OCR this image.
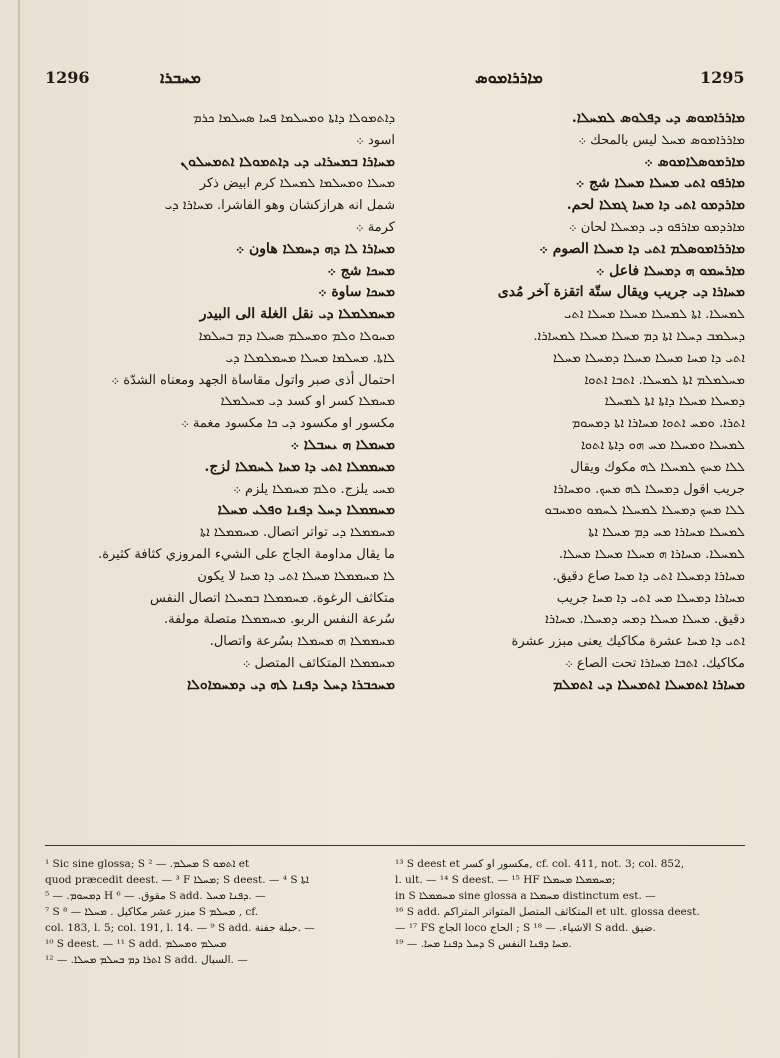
1296	ܡܚܒܪܐ	ܡܐܪܪܐܡܘܣ	1295
ܕܐܬܡܘܠܐ ܕܐܬܐ ܘܡܚܠܡܐ ܦܚܐ ܣܚܠܡܐ ܟܪܡ
اسود ܀
ܡܚܐܪܐ ܒܡܚܪܐܝ ܕܝ ܕܐܬܡܘܠܐ ܐܬܡܚܠܘܢ
ܡܚܠܐ ܘܡܚܠܡܐ ܠܡܚܠܐ كرم ابيض ذكر
شمل انه هرازكشان وهو الفاشرا. ܡܚܐܪܐ ܕܝ
كرمة ܀
ܡܚܐܪܐ ܠܐ ܕܗ ܕܚܡܠܐ هاون ܀
ܡܚܟܐ شج ܀
ܡܚܟܐ ساوة ܀
ܡܚܡܠܡܠܐ ܕܝ نقل الغلة الى البيدر
ܡܚܘܠܐ ܘܠܡ ܘܡܚܠܡ ܣܚܠܐ ܕܡ ܒܚܠܡܐ
ܠܐܬܐ. ܡܚܠܡܐ ܡܚܠܐ ܡܚܡܠܡܠܐ ܕܝ
احتمال أذى صبر واتول مقاساة الجهد ومعناه الشدّة ܀
ܡܚܡܠܐ كسر او كسد ܕܝ ܡܚܠܡܠܐ
مكسور او مكسود ܕܝ ܟܐ مكسود مغمة ܀
ܡܚܡܠܐ ܗ ܝܚܒܠܐ ܀
ܡܚܡܡܠܐ ܐܬܝ ܕܐ ܡܚܐ ܠܚܡܠܐ لزج.
ܡܚܝ يلزج. ܘܠܡ ܡܚܡܠܐ يلزم ܀
ܡܚܡܡܠܐ ܕܚܠ ܕܦܢܐ ܘܦܠܝ ܡܚܠܐ
ܡܚܡܡܠܐ ܕܝ تواتر اتصال. ܡܚܡܡܠܐ ܐܬܐ
ما يقال مداومة الجاج على الشيء المروزي كثافة كثيرة.
ܠܐ ܡܚܡܡܠܐ ܡܚܠܐ ܐܬܝ ܕܐ ܡܚܐ لا يكون
متكاثف الرغوة. ܡܚܡܡܠܐ ܒܡܚܠܐ اتصال النفس
سُرعة النفس الربو. ܡܚܡܡܠܐ متصلة مولفة.
ܡܚܡܡܠܐ ܗ ܡܚܡܠܐ بسُرعة واتصال.
ܡܚܡܡܠܐ المتكاثف المتصل ܀
ܡܚܟܒܪܐ ܕܚܠ ܕܦܢܐ ܠܗ ܕܝ ܕܡܚܡܐܘܠܐ
ܡܐܪܪܐܡܘܣ ܕܝ ܕܦܠܘܣ ܠܡܚܠܐ.
ܡܐܪܪܐܡܘܣ ܡܚܠ ليس بالمحك ܀
ܡܐܪܡܘܣܠܐܡܘܣ ܀
ܡܐܪܦܘ ܐܬܝ ܡܚܠܐ ܡܚܠܐ شج ܀
ܡܐܪܕܡܘ ܐܬܝ ܕܐ ܡܚܐ ܓܡܠܐ لحم.
ܡܐܪܕܡܘ ܡܐܪܦܘ ܕܝ ܕܡܚܠܐ لحان ܀
ܡܐܪܪܐܡܘܣܠܡ ܐܬܝ ܕܐ ܡܚܠܐ الصوم ܀
ܡܐܪܚܡܘ ܗ ܕܡܚܠܐ فاعل ܀
ܡܚܐܪܐ ܕܝ جريب ويقال ستّة اتقزة آخر مُدى
ܠܡܚܠܐ. ܐܬܐ ܠܡܚܠܐ ܡܚܠܐ ܡܚܠܐ ܐܬܝ
ܕܚܠܡܒ ܕܚܠܐ ܐܬܐ ܕܡ ܡܚܠܐ ܡܚܠܐ ܠܡܚܐܪܐ.
ܐܬܝ ܕܐ ܡܚܐ ܡܚܠܐ ܡܚܠܐ ܕܡܚܠܐ ܡܚܠܐ
ܡܚܠܡܠܡ ܐܬܐ ܠܡܚܠܐ. ܐܬܒܐ ܐܬܘܐ
ܕܡܚܠܐ ܡܚܠܐ ܕܐܬܐ ܐܬܐ ܠܡܚܠܐ
ܐܬܪܐ. ܘܡܚ ܐܬܘܐ ܡܚܐܪܐ ܐܬܐ ܕܡܚܘܡ
ܠܡܚܠܐ ܘܡܚܠܐ ܡܚ ܗܘ ܕܐܬܐ ܐܬܘܐ
ܠܠܐ ܡܚܟ ܠܡܚܠܐ ܠܗ مكوك ويقال
جريب اقول ܕܡܚܠܐ ܠܗ ܡܚܟ. ܘܡܚܐܪܐ
ܠܠܐ ܡܚܟ ܕܡܚܠܐ ܠܡܚܠܐ ܠܚܡܘ ܘܡܚܒܘ
ܠܡܚܠܐ ܡܚܐܪܐ ܡܚ ܕܡ ܡܚܠܐ ܐܬܐ
ܠܡܚܠܐ. ܡܚܐܪܐ ܗ ܡܚܠܐ ܡܚܠܐ ܡܚܠܐ.
ܡܚܐܪܐ ܕܡܚܠܐ ܐܬܝ ܕܐ ܡܚܐ صاع دقيق.
ܡܚܐܪܐ ܕܡܚܠܐ ܡܚ ܐܬܝ ܕܐ ܡܚܐ جريب
دقيق. ܡܚܠܐ ܡܚܠܐ ܕܡܚ ܕܡܚܠܐ. ܡܚܐܪܐ
ܐܬܝ ܕܐ ܡܚܐ عشرة مكاكيك يعنى مبزر عشرة
مكاكيك. ܐܬܒܐ ܡܚܐܪܐ تحت الصاع ܀
ܡܚܐܪܐ ܐܬܡܚܠܐ ܐܬܡܚܠܐ ܕܝ ܐܬܡܠܡ
¹ Sic sine glossa; S ܡܚܠܡ. — ² S ܐܬܡܘ et
quod præcedit deest. — ³ F ܡܚܠܐ; S deest. — ⁴ S ܐܬܐ
ܕܡܚܘܡ. — ⁵ H مقوق. — ⁶ S add. ܕܦܢܐ ܡܚܠ. —
⁷ S مبزر عشر مكاكيل . ܡܚܠܐ — ⁸ S ܡܚܠܡ , cf.
col. 183, l. 5; col. 191, l. 14. — ⁹ S add. حبلة جفنة. —
¹⁰ S deest. — ¹¹ S add. ܡܚܠܡ ܘܡܚܠܡ
ܐܬܪܐ ܕܡ ܒܚܠܡ ܡܚܠܐ. — ¹² S add. السبال. —
¹³ S deest et مكسور او كسر, cf. col. 411, not. 3; col. 852,
l. ult. — ¹⁴ S deest. — ¹⁵ HF ܡܚܡܡܠܐ ܡܚܡܠܐ;
in S ܡܚܡܡܠܐ sine glossa a ܡܚܡܠܐ distinctum est. —
¹⁶ S add. المتكاثف المتصل المتواتر المتراكم et ult. glossa deest.
— ¹⁷ FS الجاج loco الحاج ; S الاشياء. — ¹⁸ S add. ضيق.
ܕܚܠ ܕܦܢܐ ܡܚܐ. — ¹⁹ S ܡܚܐ ܕܦܢܐ النفس.
